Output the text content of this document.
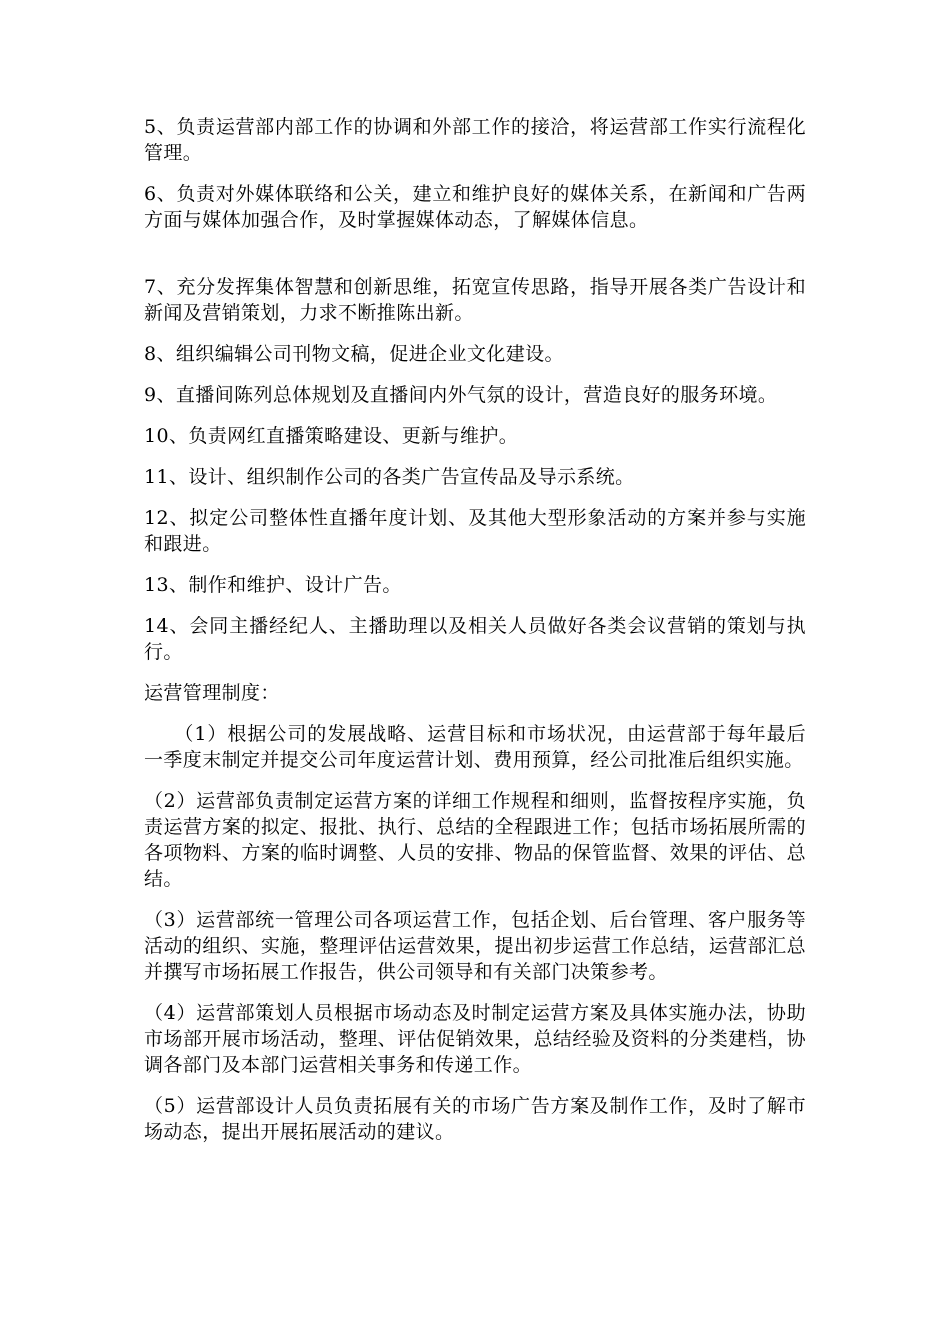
5、负责运营部内部工作的协调和外部工作的接洽，将运营部工作实行流程化管理。

6、负责对外媒体联络和公关，建立和维护良好的媒体关系，在新闻和广告两方面与媒体加强合作，及时掌握媒体动态，了解媒体信息。

7、充分发挥集体智慧和创新思维，拓宽宣传思路，指导开展各类广告设计和新闻及营销策划，力求不断推陈出新。

8、组织编辑公司刊物文稿，促进企业文化建设。

9、直播间陈列总体规划及直播间内外气氛的设计，营造良好的服务环境。

10、负责网红直播策略建设、更新与维护。

11、设计、组织制作公司的各类广告宣传品及导示系统。

12、拟定公司整体性直播年度计划、及其他大型形象活动的方案并参与实施和跟进。

13、制作和维护、设计广告。

14、会同主播经纪人、主播助理以及相关人员做好各类会议营销的策划与执行。

运营管理制度：

（1）根据公司的发展战略、运营目标和市场状况，由运营部于每年最后一季度末制定并提交公司年度运营计划、费用预算，经公司批准后组织实施。

（2）运营部负责制定运营方案的详细工作规程和细则，监督按程序实施，负责运营方案的拟定、报批、执行、总结的全程跟进工作；包括市场拓展所需的各项物料、方案的临时调整、人员的安排、物品的保管监督、效果的评估、总结。

（3）运营部统一管理公司各项运营工作，包括企划、后台管理、客户服务等活动的组织、实施，整理评估运营效果，提出初步运营工作总结，运营部汇总并撰写市场拓展工作报告，供公司领导和有关部门决策参考。

（4）运营部策划人员根据市场动态及时制定运营方案及具体实施办法，协助市场部开展市场活动，整理、评估促销效果，总结经验及资料的分类建档，协调各部门及本部门运营相关事务和传递工作。

（5）运营部设计人员负责拓展有关的市场广告方案及制作工作，及时了解市场动态，提出开展拓展活动的建议。
